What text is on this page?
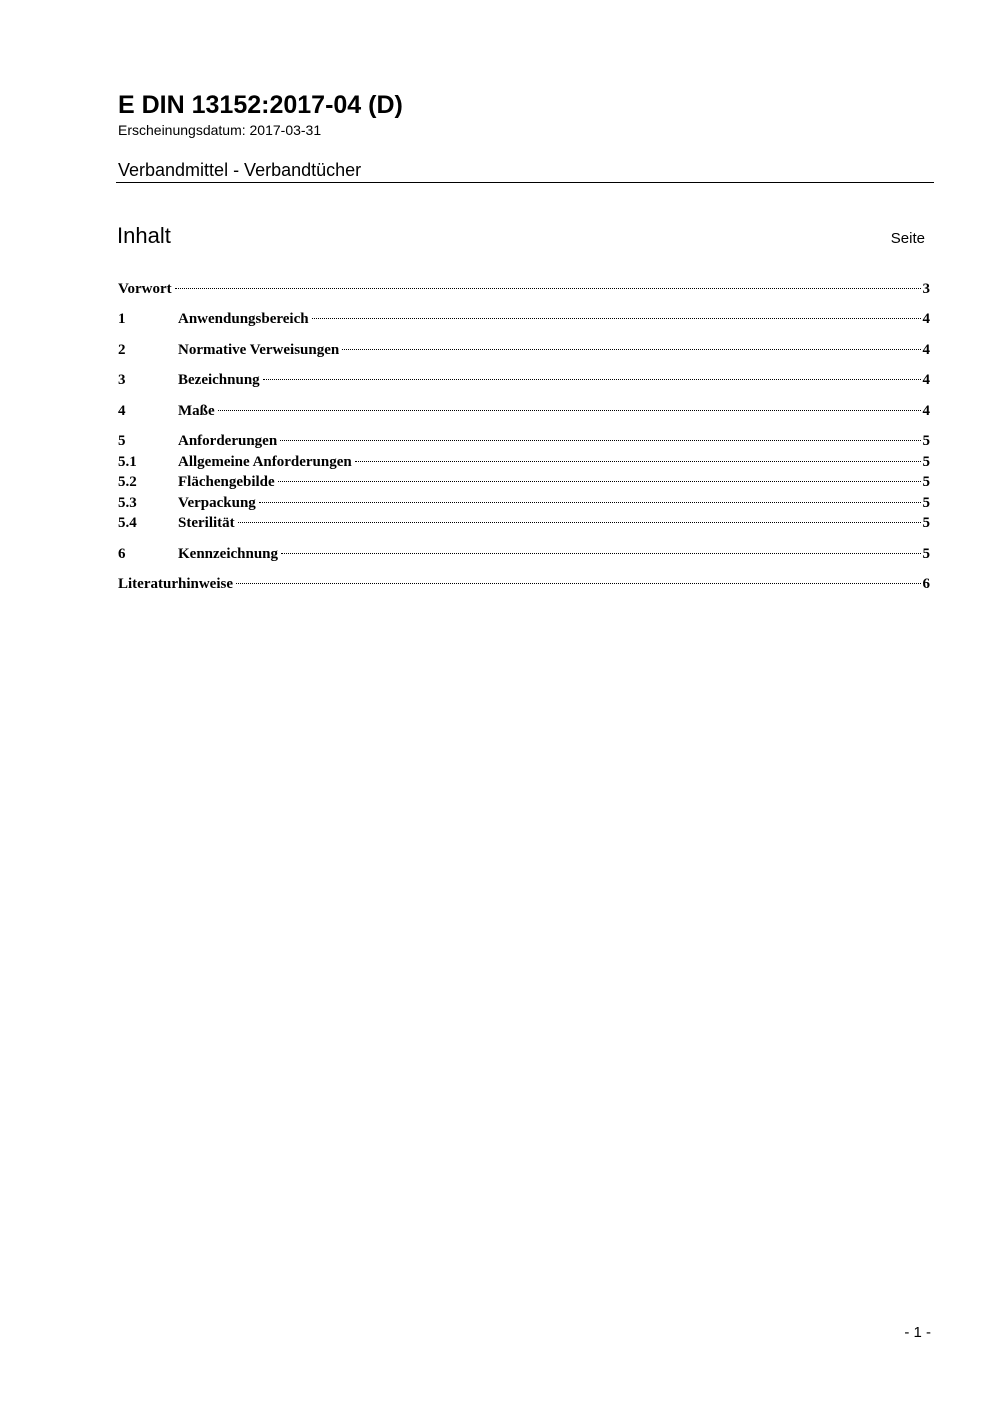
E DIN 13152:2017-04 (D)
Erscheinungsdatum: 2017-03-31
Verbandmittel - Verbandtücher
Inhalt	Seite
Vorwort	3
1	Anwendungsbereich	4
2	Normative Verweisungen	4
3	Bezeichnung	4
4	Maße	4
5	Anforderungen	5
5.1	Allgemeine Anforderungen	5
5.2	Flächengebilde	5
5.3	Verpackung	5
5.4	Sterilität	5
6	Kennzeichnung	5
Literaturhinweise	6
- 1 -
